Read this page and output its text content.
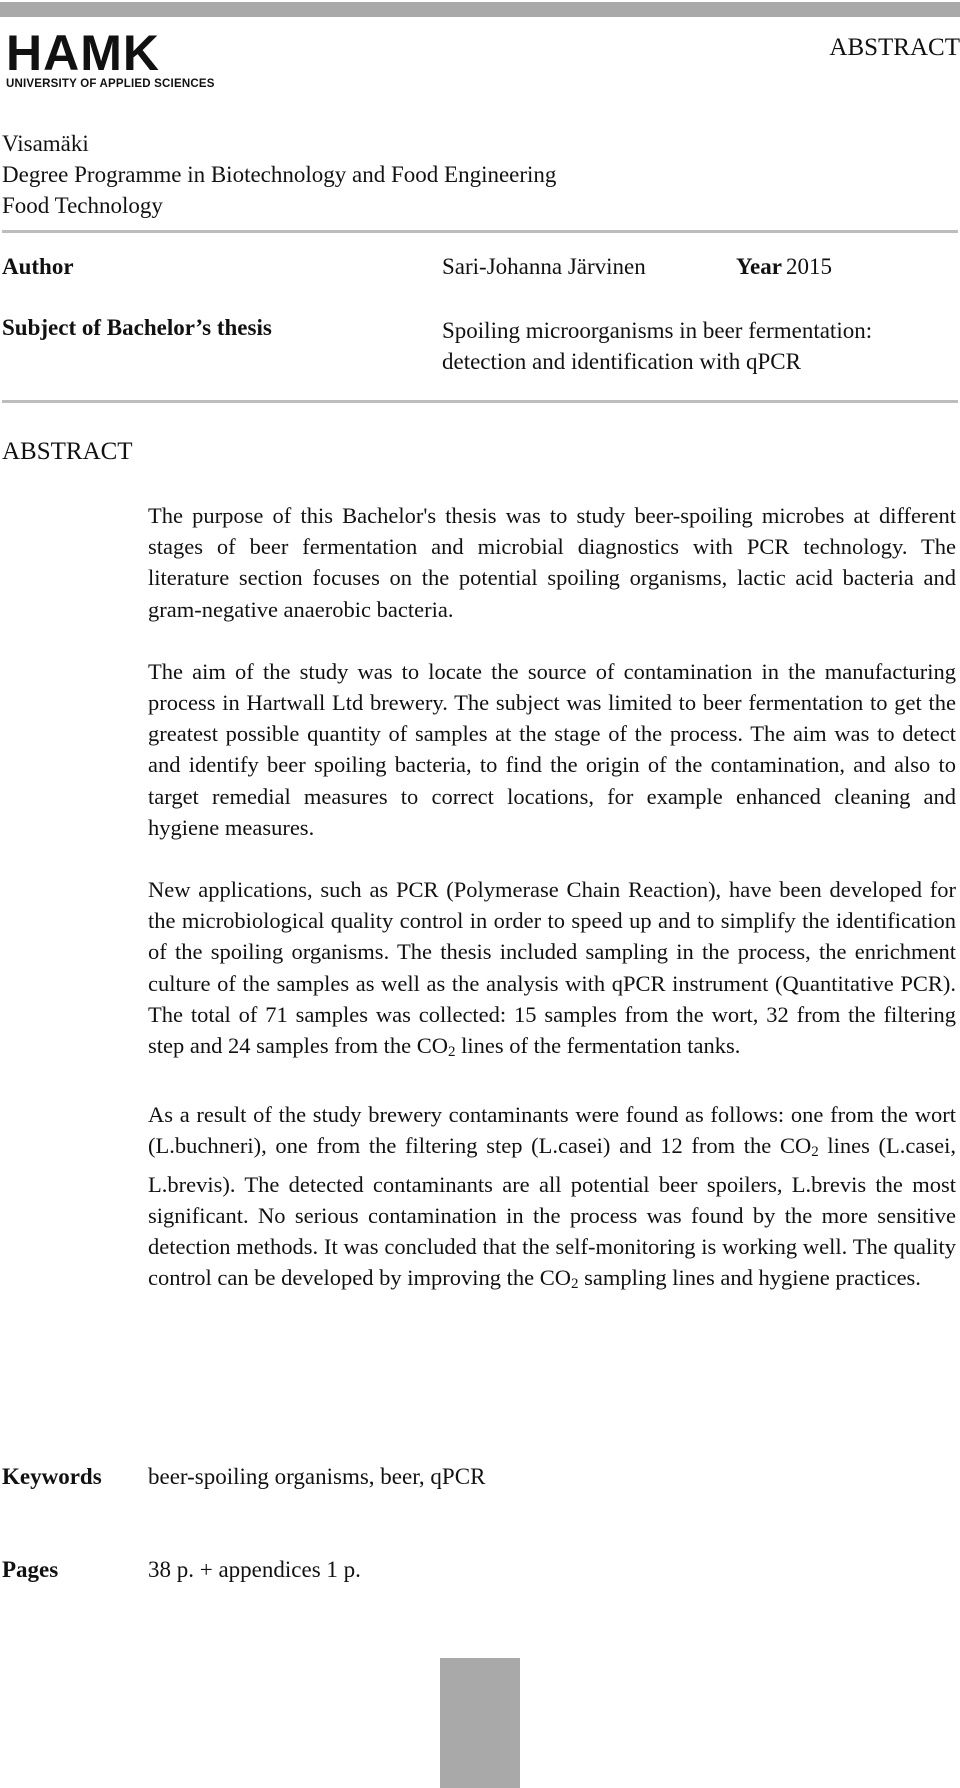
HAMK
UNIVERSITY OF APPLIED SCIENCES
ABSTRACT
Visamäki
Degree Programme in Biotechnology and Food Engineering
Food Technology
Author	Sari-Johanna Järvinen	Year 2015
Subject of Bachelor’s thesis	Spoiling microorganisms in beer fermentation:
detection and identification with qPCR
ABSTRACT

The purpose of this Bachelor's thesis was to study beer-spoiling microbes at different stages of beer fermentation and microbial diagnostics with PCR technology. The literature section focuses on the potential spoiling organisms, lactic acid bacteria and gram-negative anaerobic bacteria.

The aim of the study was to locate the source of contamination in the manufacturing process in Hartwall Ltd brewery. The subject was limited to beer fermentation to get the greatest possible quantity of samples at the stage of the process. The aim was to detect and identify beer spoiling bacteria, to find the origin of the contamination, and also to target remedial measures to correct locations, for example enhanced cleaning and hygiene measures.

New applications, such as PCR (Polymerase Chain Reaction), have been developed for the microbiological quality control in order to speed up and to simplify the identification of the spoiling organisms. The thesis included sampling in the process, the enrichment culture of the samples as well as the analysis with qPCR instrument (Quantitative PCR). The total of 71 samples was collected: 15 samples from the wort, 32 from the filtering step and 24 samples from the $CO_2$ lines of the fermentation tanks.

As a result of the study brewery contaminants were found as follows: one from the wort (L.buchneri), one from the filtering step (L.casei) and 12 from the $CO_2$ lines (L.casei, L.brevis). The detected contaminants are all potential beer spoilers, L.brevis the most significant. No serious contamination in the process was found by the more sensitive detection methods. It was concluded that the self-monitoring is working well. The quality control can be developed by improving the $CO_2$ sampling lines and hygiene practices.

Keywords beer-spoiling organisms, beer, qPCR
Pages	38 p. + appendices 1 p.
